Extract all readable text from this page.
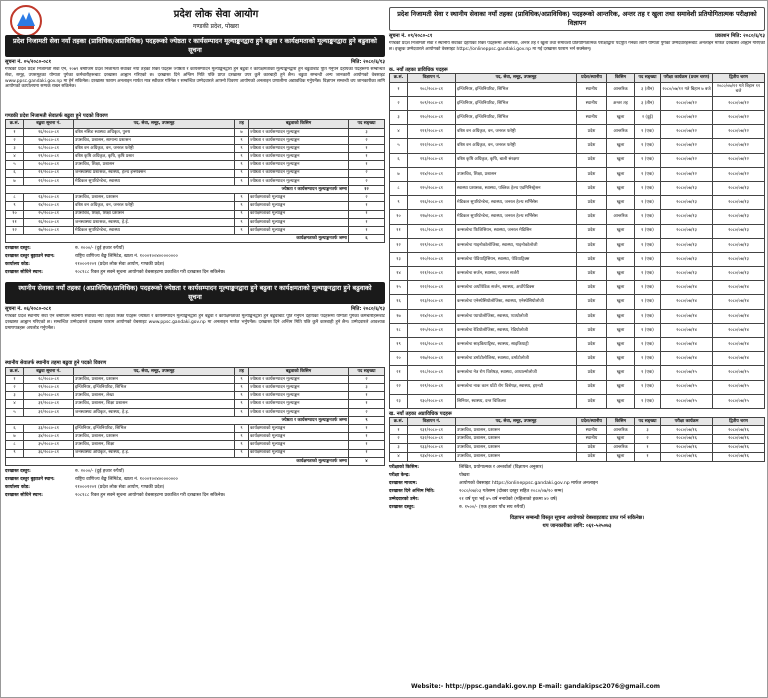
प्रदेश लोक सेवा आयोग
गण्डकी प्रदेश, पोखरा
प्रदेश निजामती सेवा नयाँ तहका (प्राविधिक/अप्राविधिक) पदहरूको ज्येष्ठता र कार्यसम्पादन मूल्याङ्कनद्वारा हुने बढुवा र कार्यक्षमताको मूल्याङ्कनद्वारा हुने बढुवाको सूचना
सूचना नं. ०५/२०८०-०८१	मिति: २०८०/६/१३
गण्डकी प्रदेश प्रदेश निजामती सेवा ऐन, २०७९ बमोजिम प्रदेश निजामती सेवाका नयाँ तहका रिक्त पदहरू ज्येष्ठता र कार्यसम्पादन मूल्याङ्कनद्वारा हुने बढुवा र कार्यक्षमताको मूल्याङ्कनद्वारा हुने बढुवाबाट पूर्ति गर्नुपर्ने देहायका पदहरूमा सम्बन्धित सेवा, समूह, उपसमूहका योग्यता पुगेका कर्मचारीहरूबाट दरखास्त आह्वान गरिएको छ। दरखास्त दिने अन्तिम मिति पछि प्राप्त दरखास्त उपर कुनै कारबाही हुने छैन। बढुवा सम्बन्धी अन्य जानकारी आयोगको वेबसाइट www.ppsc.gandaki.gov.np मा हेर्न सकिनेछ। दरखास्त फाराम अनलाइन मार्फत मात्र स्वीकार गरिनेछ र सम्बन्धित उम्मेदवारले आफ्नो विवरण आयोगको अनलाइन प्रणालीमा अद्यावधिक गर्नुपर्नेछ। विज्ञापन सम्बन्धी थप जानकारीका लागि आयोगको कार्यालयमा सम्पर्क राख्न सकिनेछ।
गण्डकी प्रदेश निजामती सेवातर्फ बढुवा हुने पदको विवरण
क्र.सं.	बढुवा सूचना नं.	पद, सेवा, समूह, उपसमूह	तह	बढुवाको किसिम	पद सङ्ख्या
१	१६/२०८०-८१	वरिष्ठ नसिङ स्वास्थ्य अधिकृत, पुरुष	७	ज्येष्ठता र कार्यसम्पादन मूल्याङ्कन	३
२	१७/२०८०-८१	उपसचिव, प्रशासन, सामान्य प्रशासन	९	ज्येष्ठता र कार्यसम्पादन मूल्याङ्कन	२
३	१८/२०८०-८१	वरिष्ठ वन अधिकृत, वन, जनरल फरेष्ट्री	९	ज्येष्ठता र कार्यसम्पादन मूल्याङ्कन	१
४	१९/२०८०-८१	वरिष्ठ कृषि अधिकृत, कृषि, कृषि प्रसार	९	ज्येष्ठता र कार्यसम्पादन मूल्याङ्कन	१
५	२०/२०८०-८१	उपसचिव, शिक्षा, प्रशासन	९	ज्येष्ठता र कार्यसम्पादन मूल्याङ्कन	१
६	२१/२०८०-८१	जनस्वास्थ्य प्रशासक, स्वास्थ्य, हेल्थ इन्स्पेक्सन	९	ज्येष्ठता र कार्यसम्पादन मूल्याङ्कन	२
७	२२/२०८०-८१	मेडिकल सुपरिटेन्डेन्ट, स्वास्थ्य	९	ज्येष्ठता र कार्यसम्पादन मूल्याङ्कन	२
ज्येष्ठता र कार्यसम्पादन मूल्याङ्कनतर्फ जम्मा					१२
८	२३/२०८०-८१	उपसचिव, प्रशासन, प्रशासन	९	कार्यक्षमताको मूल्याङ्कन	२
९	२४/२०८०-८१	वरिष्ठ वन अधिकृत, वन, जनरल फरेष्ट्री	९	कार्यक्षमताको मूल्याङ्कन	१
१०	२५/२०८०-८१	उपसचिव, शिक्षा, शिक्षा प्रशासन	९	कार्यक्षमताको मूल्याङ्कन	१
११	२६/२०८०-८१	जनस्वास्थ्य प्रशासक, स्वास्थ्य, हे.ई.	९	कार्यक्षमताको मूल्याङ्कन	१
१२	२७/२०८०-८१	मेडिकल सुपरिटेन्डेन्ट, स्वास्थ्य	९	कार्यक्षमताको मूल्याङ्कन	१
कार्यक्षमताको मूल्याङ्कनतर्फ जम्मा					६
दरखास्त दस्तुर:	रु. २०००/- (दुई हजार रुपैयाँ)
दरखास्त दस्तुर बुझाउने स्थान:	राष्ट्रिय वाणिज्य बैङ्क लिमिटेड, खाता नं. १०००१००४००००००००
कार्यालय कोड:	२१०००१२०१ (प्रदेश लोक सेवा आयोग, गण्डकी प्रदेश)
दरखास्त सोधिने स्थान:	२०८१८८ रिक्त हुन सक्ने सूचना आयोगको वेबसाइटमा प्रकाशित गरी दरखास्त दिन सकिनेछ।
स्थानीय सेवाका नयाँ तहका (अप्राविधिक/प्राविधिक) पदहरूको ज्येष्ठता र कार्यसम्पादन मूल्याङ्कनद्वारा हुने बढुवा र कार्यक्षमताको मूल्याङ्कनद्वारा हुने बढुवाको सूचना
सूचना नं. ०६/२०८०-०८१	मिति: २०८०/६/१३
गण्डकी प्रदेश स्थानीय सेवा ऐन बमोजिम स्थानीय सेवाका नयाँ तहका रिक्त पदहरू ज्येष्ठता र कार्यसम्पादन मूल्याङ्कनद्वारा हुने बढुवा र कार्यक्षमताको मूल्याङ्कनद्वारा हुने बढुवाबाट पूर्ति गर्नुपर्ने देहायका पदहरूमा योग्यता पुगेका कर्मचारीहरूबाट दरखास्त आह्वान गरिएको छ। सम्बन्धित उम्मेदवारले दरखास्त फाराम आयोगको वेबसाइट www.ppsc.gandaki.gov.np मा अनलाइन मार्फत भर्नुपर्नेछ। दरखास्त दिने अन्तिम मिति पछि कुनै कारबाही हुने छैन। उम्मेदवारले आवश्यक प्रमाणपत्रहरू अपलोड गर्नुपर्नेछ।
स्थानीय सेवातर्फ स्थानीय तहमा बढुवा हुने पदको विवरण
क्र.सं.	बढुवा सूचना नं.	पद, सेवा, समूह, उपसमूह	तह	बढुवाको किसिम	पद सङ्ख्या
१	२८/२०८०-८१	उपसचिव, प्रशासन, प्रशासन	९	ज्येष्ठता र कार्यसम्पादन मूल्याङ्कन	२
२	२९/२०८०-८१	इन्जिनियर, इन्जिनियरिङ, सिभिल	९	ज्येष्ठता र कार्यसम्पादन मूल्याङ्कन	३
३	३०/२०८०-८१	उपसचिव, प्रशासन, लेखा	९	ज्येष्ठता र कार्यसम्पादन मूल्याङ्कन	१
४	३१/२०८०-८१	उपसचिव, प्रशासन, शिक्षा प्रशासन	९	ज्येष्ठता र कार्यसम्पादन मूल्याङ्कन	१
५	३२/२०८०-८१	जनस्वास्थ्य अधिकृत, स्वास्थ्य, हे.इ.	९	ज्येष्ठता र कार्यसम्पादन मूल्याङ्कन	२
ज्येष्ठता र कार्यसम्पादन मूल्याङ्कनतर्फ जम्मा					९
६	३३/२०८०-८१	इन्जिनियर, इन्जिनियरिङ, सिभिल	९	कार्यक्षमताको मूल्याङ्कन	१
७	३४/२०८०-८१	उपसचिव, प्रशासन, प्रशासन	९	कार्यक्षमताको मूल्याङ्कन	१
८	३५/२०८०-८१	उपसचिव, प्रशासन, शिक्षा	९	कार्यक्षमताको मूल्याङ्कन	१
९	३६/२०८०-८१	जनस्वास्थ्य अधिकृत, स्वास्थ्य, हे.इ.	९	कार्यक्षमताको मूल्याङ्कन	१
कार्यक्षमताको मूल्याङ्कनतर्फ जम्मा					४
दरखास्त दस्तुर:	रु. २०००/- (दुई हजार रुपैयाँ)
दरखास्त दस्तुर बुझाउने स्थान:	राष्ट्रिय वाणिज्य बैङ्क लिमिटेड, खाता नं. १०००१००४००००००००
कार्यालय कोड:	२१०००१२०१ (प्रदेश लोक सेवा आयोग, गण्डकी प्रदेश)
दरखास्त सोधिने स्थान:	२०८१८८ रिक्त हुन सक्ने सूचना आयोगको वेबसाइटमा प्रकाशित गरी दरखास्त दिन सकिनेछ।
प्रदेश निजामती सेवा र स्थानीय सेवाका नयाँ तहका (प्राविधिक/अप्राविधिक) पदहरूको आन्तरिक, अन्तर तह र खुला तथा समावेशी प्रतियोगितात्मक परीक्षाको विज्ञापन
सूचना नं. ०९/२०८०-८१	प्रकाशन मिति: २०८०/६/१३
गण्डकी प्रदेश निजामती सेवा र स्थानीय सेवाका देहायका रिक्त पदहरूमा आन्तरिक, अन्तर तह र खुला तथा समावेशी प्रतियोगितात्मक परीक्षाद्वारा पदपूर्ति गर्नका लागि योग्यता पुगेका उम्मेदवारहरूबाट अनलाइन मार्फत दरखास्त आह्वान गरिएको छ। इच्छुक उम्मेदवारले आयोगको वेबसाइट https://onlineppsc.gandaki.gov.np मा गई दरखास्त फाराम भर्न सक्नेछन्।
क. नयाँ तहका प्राविधिक पदहरू
क्र.सं.	विज्ञापन नं.	पद, सेवा, समूह, उपसमूह	प्रदेश/स्थानीय	किसिम	पद सङ्ख्या	परीक्षा कार्यक्रम (प्रथम चरण)	द्वितीय चरण
१	१०८/२०८०-८१	इन्जिनियर, इन्जिनियरिङ, सिभिल	स्थानीय	आन्तरिक	३ (तीन)	२०८०/०७/१२ गते बिहान ७ बजे	२०८०/०७/१२ गते बिहान ११ बजे
२	१०९/२०८०-८१	इन्जिनियर, इन्जिनियरिङ, सिभिल	स्थानीय	अन्तर तह	३ (तीन)	२०८०/०७/१२	२०८०/०७/१२
३	११०/२०८०-८१	इन्जिनियर, इन्जिनियरिङ, सिभिल	स्थानीय	खुला	२ (दुई)	२०८०/०७/१२	२०८०/०७/१२
४	१११/२०८०-८१	वरिष्ठ वन अधिकृत, वन, जनरल फरेष्ट्री	प्रदेश	आन्तरिक	१ (एक)	२०८०/०७/१२	२०८०/०७/१२
५	११२/२०८०-८१	वरिष्ठ वन अधिकृत, वन, जनरल फरेष्ट्री	प्रदेश	खुला	१ (एक)	२०८०/०७/१२	२०८०/०७/१२
६	११३/२०८०-८१	वरिष्ठ कृषि अधिकृत, कृषि, बाली संरक्षण	प्रदेश	खुला	१ (एक)	२०८०/०७/१२	२०८०/०७/१२
७	११४/२०८०-८१	उपसचिव, शिक्षा, प्रशासन	प्रदेश	खुला	१ (एक)	२०८०/०७/१२	२०८०/०७/१२
८	११५/२०८०-८१	स्वास्थ्य प्रशासक, स्वास्थ्य, पब्लिक हेल्थ एडमिनिस्ट्रेसन	प्रदेश	खुला	१ (एक)	२०८०/०७/१३	२०८०/०७/१३
९	११६/२०८०-८१	मेडिकल सुपरिटेन्डेन्ट, स्वास्थ्य, जनरल हेल्थ सर्भिसेस	प्रदेश	खुला	१ (एक)	२०८०/०७/१३	२०८०/०७/१३
१०	११७/२०८०-८१	मेडिकल सुपरिटेन्डेन्ट, स्वास्थ्य, जनरल हेल्थ सर्भिसेस	प्रदेश	आन्तरिक	१ (एक)	२०८०/०७/१३	२०८०/०७/१३
११	११८/२०८०-८१	कन्सल्टेन्ट फिजिसियन, स्वास्थ्य, जनरल मेडिसिन	प्रदेश	खुला	१ (एक)	२०८०/०७/१३	२०८०/०७/१३
१२	११९/२०८०-८१	कन्सल्टेन्ट गाइनोकोलोजिस्ट, स्वास्थ्य, गाइनोकोलोजी	प्रदेश	खुला	१ (एक)	२०८०/०७/१३	२०८०/०७/१३
१३	१२०/२०८०-८१	कन्सल्टेन्ट पेडियाट्रिसियन, स्वास्थ्य, पेडियाट्रिक्स	प्रदेश	खुला	१ (एक)	२०८०/०७/१३	२०८०/०७/१३
१४	१२१/२०८०-८१	कन्सल्टेन्ट सर्जन, स्वास्थ्य, जनरल सर्जरी	प्रदेश	खुला	१ (एक)	२०८०/०७/१३	२०८०/०७/१३
१५	१२२/२०८०-८१	कन्सल्टेन्ट अर्थोपेडिक सर्जन, स्वास्थ्य, अर्थोपेडिक्स	प्रदेश	खुला	१ (एक)	२०८०/०७/१४	२०८०/०७/१४
१६	१२३/२०८०-८१	कन्सल्टेन्ट एनेस्थेसियोलोजिस्ट, स्वास्थ्य, एनेस्थेसियोलोजी	प्रदेश	खुला	१ (एक)	२०८०/०७/१४	२०८०/०७/१४
१७	१२४/२०८०-८१	कन्सल्टेन्ट प्याथोलोजिस्ट, स्वास्थ्य, प्याथोलोजी	प्रदेश	खुला	१ (एक)	२०८०/०७/१४	२०८०/०७/१४
१८	१२५/२०८०-८१	कन्सल्टेन्ट रेडियोलोजिस्ट, स्वास्थ्य, रेडियोलोजी	प्रदेश	खुला	१ (एक)	२०८०/०७/१४	२०८०/०७/१४
१९	१२६/२०८०-८१	कन्सल्टेन्ट साइकियाट्रिस्ट, स्वास्थ्य, साइकियाट्री	प्रदेश	खुला	१ (एक)	२०८०/०७/१४	२०८०/०७/१४
२०	१२७/२०८०-८१	कन्सल्टेन्ट डर्माटोलोजिस्ट, स्वास्थ्य, डर्माटोलोजी	प्रदेश	खुला	१ (एक)	२०८०/०७/१४	२०८०/०७/१४
२१	१२८/२०८०-८१	कन्सल्टेन्ट नेत्र रोग विशेषज्ञ, स्वास्थ्य, अप्थाल्मोलोजी	प्रदेश	खुला	१ (एक)	२०८०/०७/१५	२०८०/०७/१५
२२	१२९/२०८०-८१	कन्सल्टेन्ट नाक कान घाँटी रोग विशेषज्ञ, स्वास्थ्य, इएनटी	प्रदेश	खुला	१ (एक)	२०८०/०७/१५	२०८०/०७/१५
२३	१३०/२०८०-८१	सिनियर, स्वास्थ्य, दन्त चिकित्सा	प्रदेश	खुला	१ (एक)	२०८०/०७/१५	२०८०/०७/१५
ख. नयाँ तहका अप्राविधिक पदहरू
क्र.सं.	विज्ञापन नं.	पद, सेवा, समूह, उपसमूह	प्रदेश/स्थानीय	किसिम	पद सङ्ख्या	परीक्षा कार्यक्रम	द्वितीय चरण
१	१३१/२०८०-८१	उपसचिव, प्रशासन, प्रशासन	स्थानीय	आन्तरिक	३	२०८०/०७/१६	२०८०/०७/१६
२	१३२/२०८०-८१	उपसचिव, प्रशासन, प्रशासन	स्थानीय	खुला	२	२०८०/०७/१६	२०८०/०७/१६
३	१३३/२०८०-८१	उपसचिव, प्रशासन, प्रशासन	प्रदेश	आन्तरिक	१	२०८०/०७/१६	२०८०/०७/१६
४	१३४/२०८०-८१	उपसचिव, प्रशासन, प्रशासन	प्रदेश	खुला	१	२०८०/०७/१६	२०८०/०७/१६
परीक्षाको किसिम:	लिखित, प्रयोगात्मक र अन्तर्वार्ता (विज्ञापन अनुसार)
परीक्षा केन्द्र:	पोखरा
दरखास्त माध्यम:	आयोगको वेबसाइट https://onlineppsc.gandaki.gov.np मार्फत अनलाइन
दरखास्त दिने अन्तिम मिति:	२०८०/०७/०३ गतेसम्म (दोब्बर दस्तुर सहित २०८०/०७/१० सम्म)
उम्मेदवारको उमेर:	२१ वर्ष पूरा भई ४५ वर्ष ननाघेको (महिलाको हकमा ४० वर्ष)
दरखास्त दस्तुर:	रु. १५००/- (एक हजार पाँच सय रुपैयाँ)
विज्ञापन सम्बन्धी विस्तृत सूचना आयोगको वेबसाइटबाट प्राप्त गर्न सकिनेछ।
थप जानकारीका लागि: ०६१-५२५०७३
Website:- http://ppsc.gandaki.gov.np E-mail: gandakipsc2076@gmail.com
